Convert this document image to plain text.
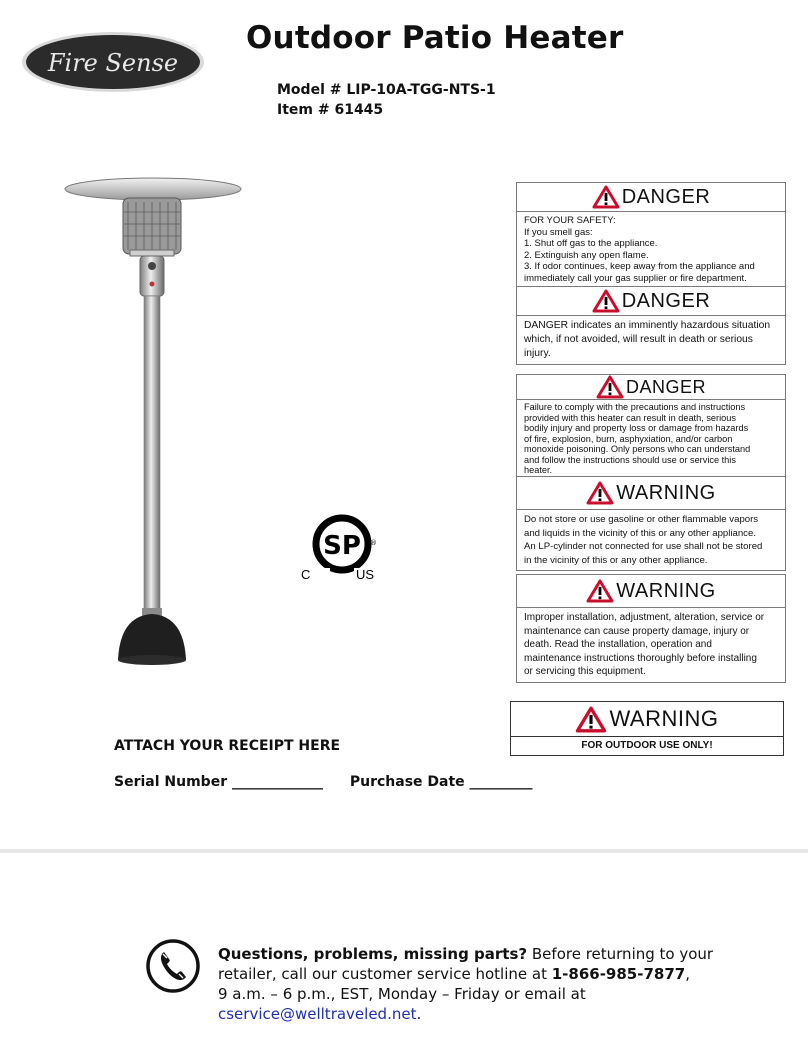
Fire Sense
® Outdoor Patio Heater
Model # LIP-10A-TGG-NTS-1
Item # 61445
SP ®
C	US
DANGER
FOR YOUR SAFETY:
If you smell gas:
1. Shut off gas to the appliance.
2. Extinguish any open flame.
3. If odor continues, keep away from the appliance and
immediately call your gas supplier or fire department.
DANGER
DANGER indicates an imminently hazardous situation
which, if not avoided, will result in death or serious
injury.
DANGER
Failure to comply with the precautions and instructions
provided with this heater can result in death, serious
bodily injury and property loss or damage from hazards
of fire, explosion, burn, asphyxiation, and/or carbon
monoxide poisoning. Only persons who can understand
and follow the instructions should use or service this
heater.
WARNING
Do not store or use gasoline or other flammable vapors
and liquids in the vicinity of this or any other appliance.
An LP-cylinder not connected for use shall not be stored
in the vicinity of this or any other appliance.
WARNING
Improper installation, adjustment, alteration, service or
maintenance can cause property damage, injury or
death. Read the installation, operation and
maintenance instructions thoroughly before installing
or servicing this equipment.
WARNING
FOR OUTDOOR USE ONLY!
ATTACH YOUR RECEIPT HERE
Serial Number _____________ Purchase Date _________
Questions, problems, missing parts? Before returning to your
retailer, call our customer service hotline at 1-866-985-7877,
9 a.m. – 6 p.m., EST, Monday – Friday or email at
cservice@welltraveled.net.
